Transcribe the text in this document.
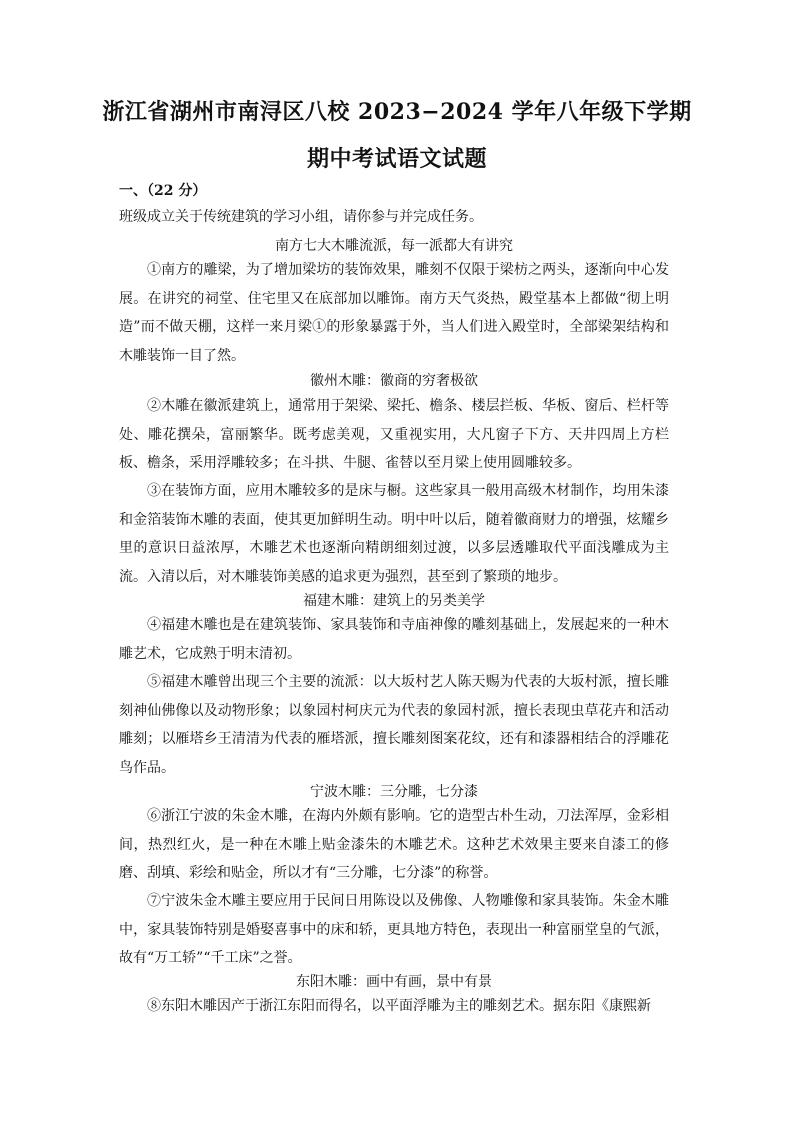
浙江省湖州市南浔区八校 2023−2024 学年八年级下学期
期中考试语文试题
一、（22 分）
班级成立关于传统建筑的学习小组，请你参与并完成任务。
南方七大木雕流派，每一派都大有讲究

①南方的雕梁，为了增加梁坊的装饰效果，雕刻不仅限于梁枋之两头，逐渐向中心发展。在讲究的祠堂、住宅里又在底部加以雕饰。南方天气炎热，殿堂基本上都做“彻上明造”而不做天棚，这样一来月梁①的形象暴露于外，当人们进入殿堂时，全部梁架结构和木雕装饰一目了然。

徽州木雕：徽商的穷奢极欲

②木雕在徽派建筑上，通常用于架梁、梁托、檐条、楼层拦板、华板、窗后、栏杆等处、雕花撰朵，富丽繁华。既考虑美观，又重视实用，大凡窗子下方、天井四周上方栏板、檐条，采用浮雕较多；在斗拱、牛腿、雀替以至月梁上使用圆雕较多。

③在装饰方面，应用木雕较多的是床与橱。这些家具一般用高级木材制作，均用朱漆和金箔装饰木雕的表面，使其更加鲜明生动。明中叶以后，随着徽商财力的增强，炫耀乡里的意识日益浓厚，木雕艺术也逐渐向精朗细刻过渡，以多层透雕取代平面浅雕成为主流。入清以后，对木雕装饰美感的追求更为强烈，甚至到了繁琐的地步。

福建木雕：建筑上的另类美学

④福建木雕也是在建筑装饰、家具装饰和寺庙神像的雕刻基础上，发展起来的一种木雕艺术，它成熟于明末清初。

⑤福建木雕曾出现三个主要的流派：以大坂村艺人陈天赐为代表的大坂村派，擅长雕刻神仙佛像以及动物形象；以象园村柯庆元为代表的象园村派，擅长表现虫草花卉和活动雕刻；以雁塔乡王清清为代表的雁塔派，擅长雕刻图案花纹，还有和漆器相结合的浮雕花鸟作品。

宁波木雕：三分雕，七分漆

⑥浙江宁波的朱金木雕，在海内外颇有影响。它的造型古朴生动，刀法浑厚，金彩相间，热烈红火，是一种在木雕上贴金漆朱的木雕艺术。这种艺术效果主要来自漆工的修磨、刮填、彩绘和贴金，所以才有“三分雕，七分漆”的称誉。

⑦宁波朱金木雕主要应用于民间日用陈设以及佛像、人物雕像和家具装饰。朱金木雕中，家具装饰特别是婚娶喜事中的床和轿，更具地方特色，表现出一种富丽堂皇的气派，故有“万工轿”“千工床”之誉。

东阳木雕：画中有画，景中有景

⑧东阳木雕因产于浙江东阳而得名，以平面浮雕为主的雕刻艺术。据东阳《康熙新
